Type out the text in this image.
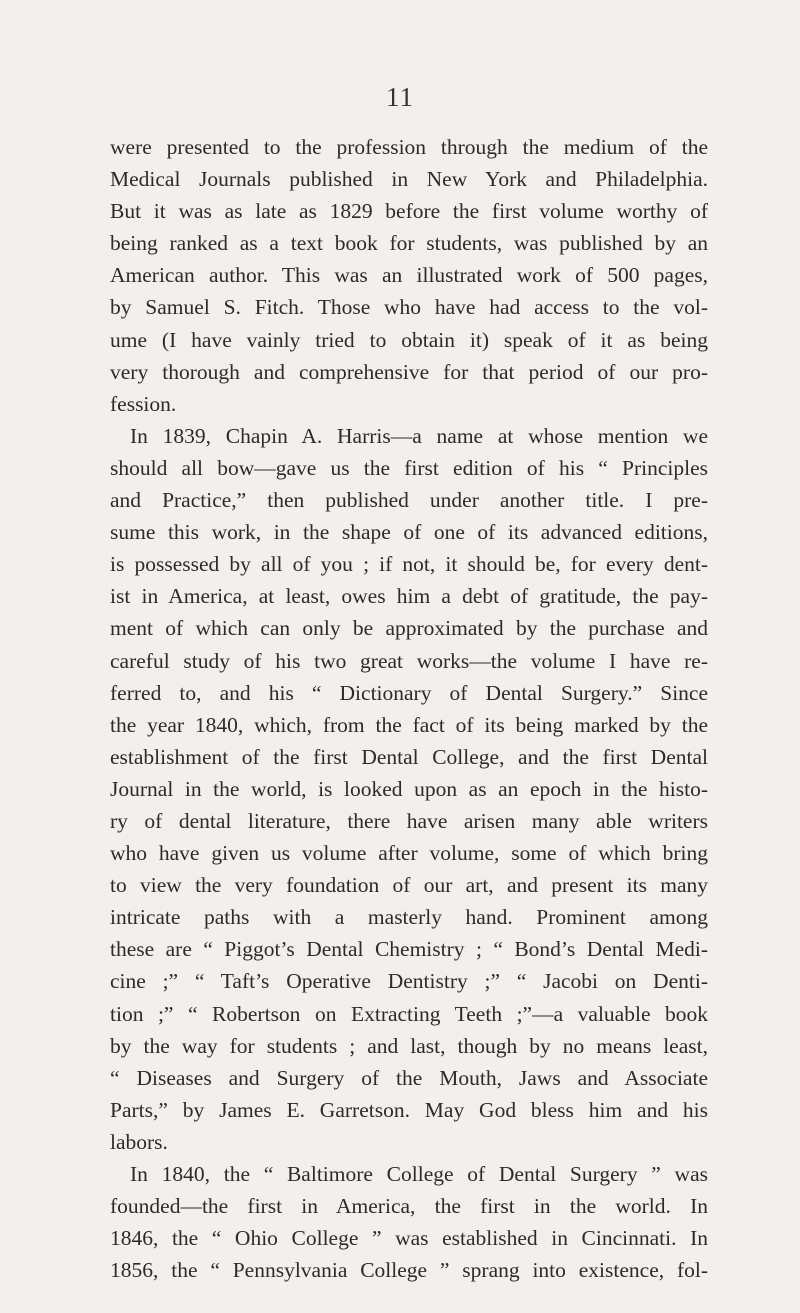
11
were presented to the profession through the medium of the
Medical Journals published in New York and Philadelphia.
But it was as late as 1829 before the first volume worthy of
being ranked as a text book for students, was published by an
American author. This was an illustrated work of 500 pages,
by Samuel S. Fitch. Those who have had access to the vol-
ume (I have vainly tried to obtain it) speak of it as being
very thorough and comprehensive for that period of our pro-
fession.
In 1839, Chapin A. Harris—a name at whose mention we
should all bow—gave us the first edition of his “ Principles
and Practice,” then published under another title. I pre-
sume this work, in the shape of one of its advanced editions,
is possessed by all of you ; if not, it should be, for every dent-
ist in America, at least, owes him a debt of gratitude, the pay-
ment of which can only be approximated by the purchase and
careful study of his two great works—the volume I have re-
ferred to, and his “ Dictionary of Dental Surgery.” Since
the year 1840, which, from the fact of its being marked by the
establishment of the first Dental College, and the first Dental
Journal in the world, is looked upon as an epoch in the histo-
ry of dental literature, there have arisen many able writers
who have given us volume after volume, some of which bring
to view the very foundation of our art, and present its many
intricate paths with a masterly hand. Prominent among
these are “ Piggot’s Dental Chemistry ; “ Bond’s Dental Medi-
cine ;” “ Taft’s Operative Dentistry ;” “ Jacobi on Denti-
tion ;” “ Robertson on Extracting Teeth ;”—a valuable book
by the way for students ; and last, though by no means least,
“ Diseases and Surgery of the Mouth, Jaws and Associate
Parts,” by James E. Garretson. May God bless him and his
labors.
In 1840, the “ Baltimore College of Dental Surgery ” was
founded—the first in America, the first in the world. In
1846, the “ Ohio College ” was established in Cincinnati. In
1856, the “ Pennsylvania College ” sprang into existence, fol-
